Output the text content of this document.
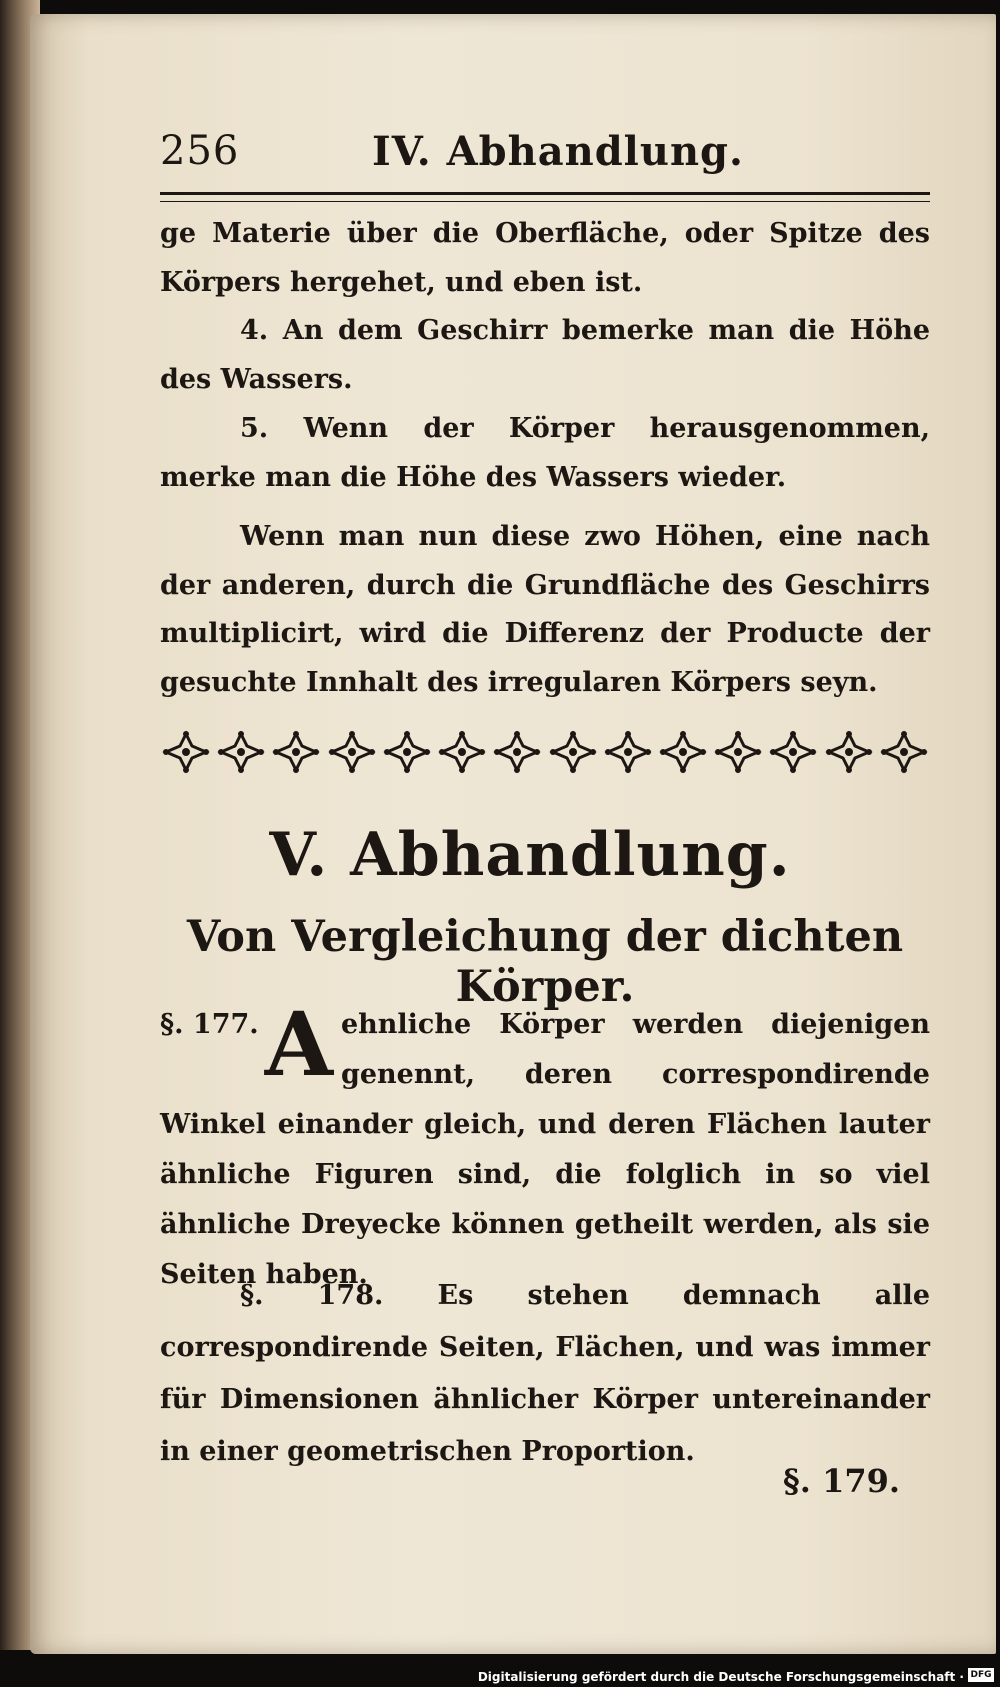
256	IV. Abhandlung.

ge Materie über die Oberfläche, oder Spitze des Körpers hergehet, und eben ist.

4. An dem Geschirr bemerke man die Höhe des Wassers.

5. Wenn der Körper herausgenommen, merke man die Höhe des Wassers wieder.

Wenn man nun diese zwo Höhen, eine nach der anderen, durch die Grundfläche des Geschirrs multiplicirt, wird die Differenz der Producte der gesuchte Innhalt des irregularen Körpers seyn.

V. Abhandlung.
Von Vergleichung der dichten Körper.

§. 177. A ehnliche Körper werden diejenigen genennt, deren correspondirende Winkel einander gleich, und deren Flächen lauter ähnliche Figuren sind, die folglich in so viel ähnliche Dreyecke können getheilt werden, als sie Seiten haben.

§. 178. Es stehen demnach alle correspondirende Seiten, Flächen, und was immer für Dimensionen ähnlicher Körper untereinander in einer geometrischen Proportion.
§. 179.
Digitalisierung gefördert durch die Deutsche Forschungsgemeinschaft · DFG
